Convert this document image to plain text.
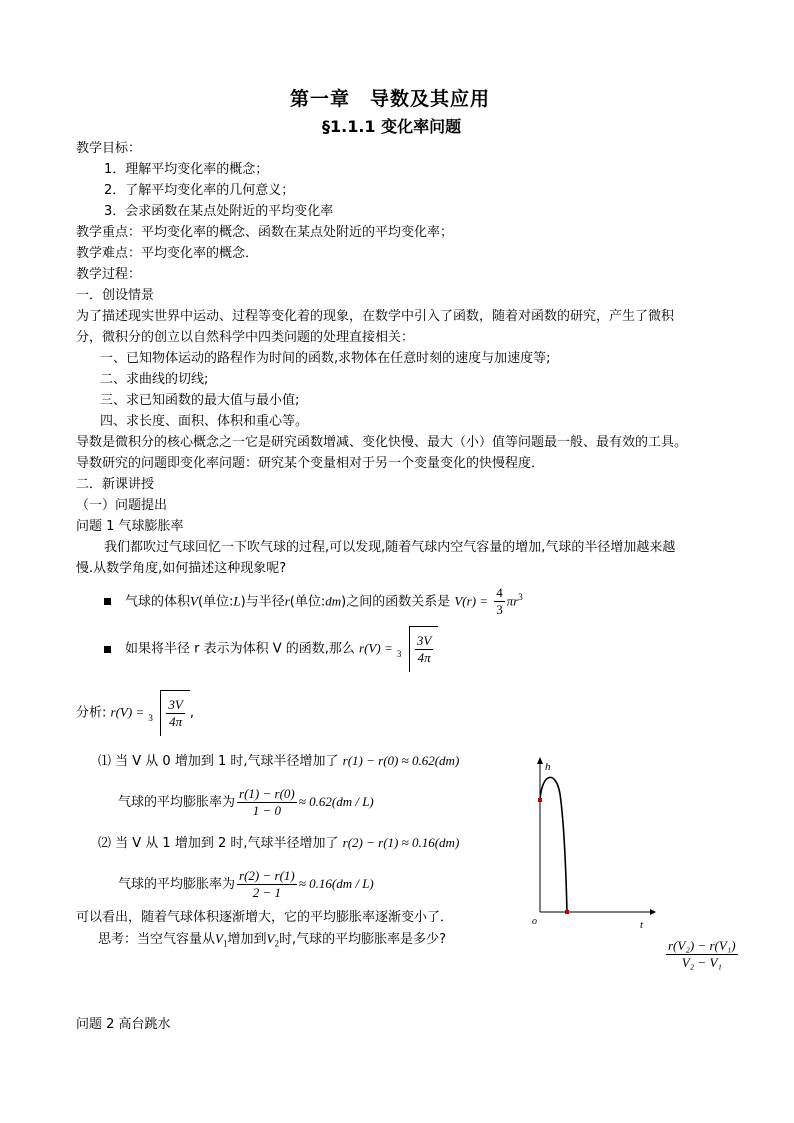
第一章　导数及其应用
§1.1.1 变化率问题
教学目标：
1．理解平均变化率的概念；
2．了解平均变化率的几何意义；
3．会求函数在某点处附近的平均变化率
教学重点：平均变化率的概念、函数在某点处附近的平均变化率；
教学难点：平均变化率的概念．
教学过程：
一．创设情景
为了描述现实世界中运动、过程等变化着的现象，在数学中引入了函数，随着对函数的研究，产生了微积
分，微积分的创立以自然科学中四类问题的处理直接相关：
一、已知物体运动的路程作为时间的函数,求物体在任意时刻的速度与加速度等;
二、求曲线的切线;
三、求已知函数的最大值与最小值;
四、求长度、面积、体积和重心等。
导数是微积分的核心概念之一它是研究函数增减、变化快慢、最大（小）值等问题最一般、最有效的工具。
导数研究的问题即变化率问题：研究某个变量相对于另一个变量变化的快慢程度．
二．新课讲授
（一）问题提出
问题 1 气球膨胀率
我们都吹过气球回忆一下吹气球的过程,可以发现,随着气球内空气容量的增加,气球的半径增加越来越
慢.从数学角度,如何描述这种现象呢?
气球的体积V(单位:L)与半径r(单位:dm)之间的函数关系是 $V(r) = \frac{4}{3} \pi r^3$
如果将半径 r 表示为体积 V 的函数,那么 $r(V) = 3 \frac{3V}{4\pi}$
分析: $r(V) = 3 \frac{3V}{4\pi}$ ,
⑴ 当 V 从 0 增加到 1 时,气球半径增加了 r(1) − r(0) ≈ 0.62(dm)
气球的平均膨胀率为 $\frac{r(1) - r(0)}{1 - 0} \approx 0.62(dm / L)$
⑵ 当 V 从 1 增加到 2 时,气球半径增加了 r(2) − r(1) ≈ 0.16(dm)
气球的平均膨胀率为 $\frac{r(2) - r(1)}{2 - 1} \approx 0.16(dm / L)$
可以看出，随着气球体积逐渐增大，它的平均膨胀率逐渐变小了．
思考：当空气容量从$V_1$增加到$V_2$时,气球的平均膨胀率是多少?	$\frac{\text{r(V₂) − r(V₁)}}{\text{V₂ − V₁}}$
问题 2 高台跳水
h
t
o
